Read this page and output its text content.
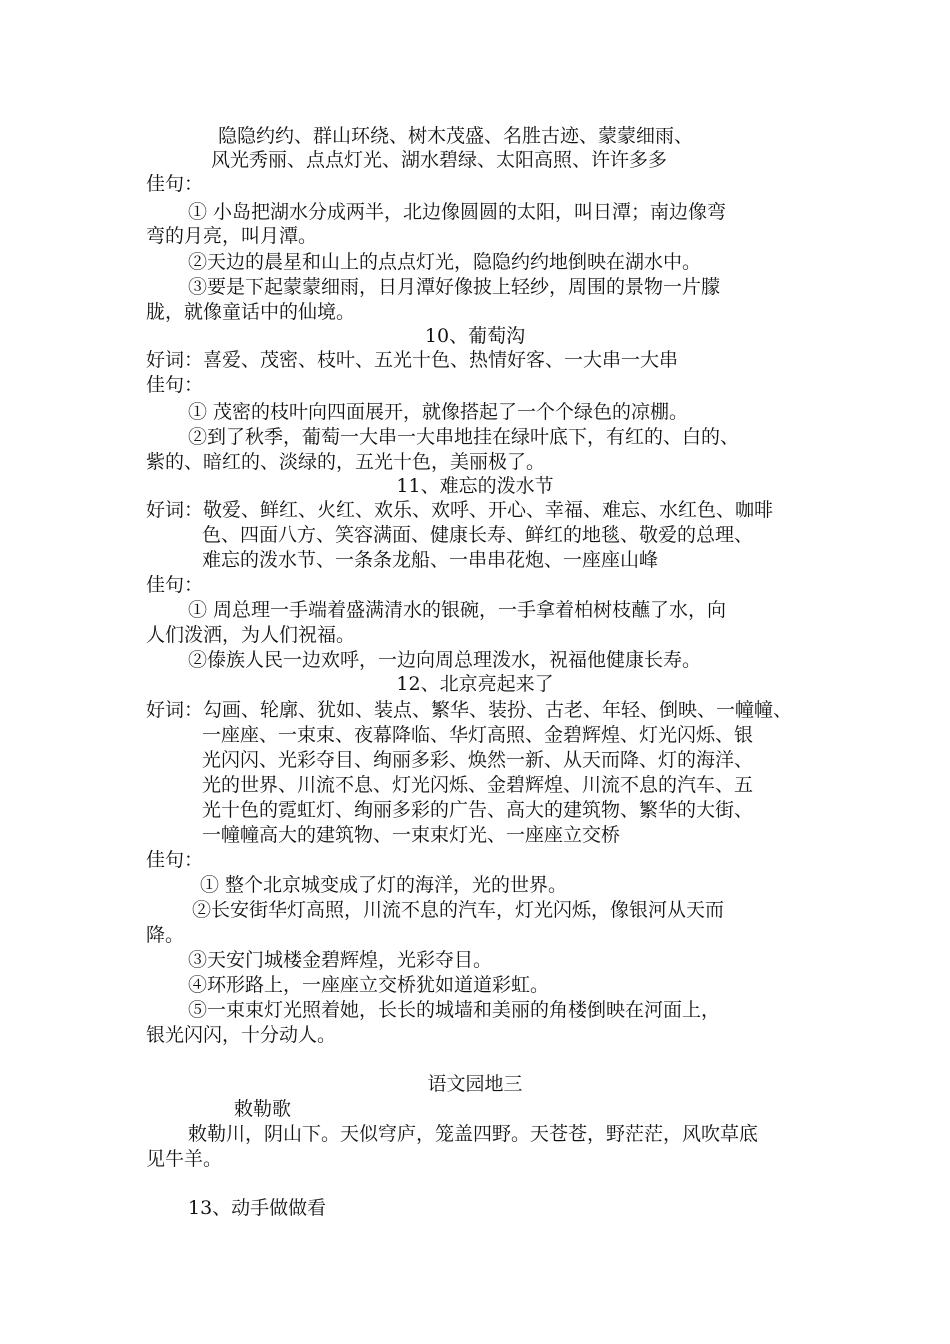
隐隐约约、群山环绕、树木茂盛、名胜古迹、蒙蒙细雨、
风光秀丽、点点灯光、湖水碧绿、太阳高照、许许多多
佳句：
① 小岛把湖水分成两半，北边像圆圆的太阳，叫日潭；南边像弯
弯的月亮，叫月潭。
②天边的晨星和山上的点点灯光，隐隐约约地倒映在湖水中。
③要是下起蒙蒙细雨，日月潭好像披上轻纱，周围的景物一片朦
胧，就像童话中的仙境。
10、葡萄沟
好词：喜爱、茂密、枝叶、五光十色、热情好客、一大串一大串
佳句：
① 茂密的枝叶向四面展开，就像搭起了一个个绿色的凉棚。
②到了秋季，葡萄一大串一大串地挂在绿叶底下，有红的、白的、
紫的、暗红的、淡绿的，五光十色，美丽极了。
11、难忘的泼水节
好词：敬爱、鲜红、火红、欢乐、欢呼、开心、幸福、难忘、水红色、咖啡
色、四面八方、笑容满面、健康长寿、鲜红的地毯、敬爱的总理、
难忘的泼水节、一条条龙船、一串串花炮、一座座山峰
佳句：
① 周总理一手端着盛满清水的银碗，一手拿着柏树枝蘸了水，向
人们泼洒，为人们祝福。
②傣族人民一边欢呼，一边向周总理泼水，祝福他健康长寿。
12、北京亮起来了
好词：勾画、轮廓、犹如、装点、繁华、装扮、古老、年轻、倒映、一幢幢、
一座座、一束束、夜幕降临、华灯高照、金碧辉煌、灯光闪烁、银
光闪闪、光彩夺目、绚丽多彩、焕然一新、从天而降、灯的海洋、
光的世界、川流不息、灯光闪烁、金碧辉煌、川流不息的汽车、五
光十色的霓虹灯、绚丽多彩的广告、高大的建筑物、繁华的大街、
一幢幢高大的建筑物、一束束灯光、一座座立交桥
佳句：
① 整个北京城变成了灯的海洋，光的世界。
②长安街华灯高照，川流不息的汽车，灯光闪烁，像银河从天而
降。
③天安门城楼金碧辉煌，光彩夺目。
④环形路上，一座座立交桥犹如道道彩虹。
⑤一束束灯光照着她，长长的城墙和美丽的角楼倒映在河面上，
银光闪闪，十分动人。
语文园地三
敕勒歌
敕勒川，阴山下。天似穹庐，笼盖四野。天苍苍，野茫茫，风吹草底
见牛羊。
13、动手做做看
